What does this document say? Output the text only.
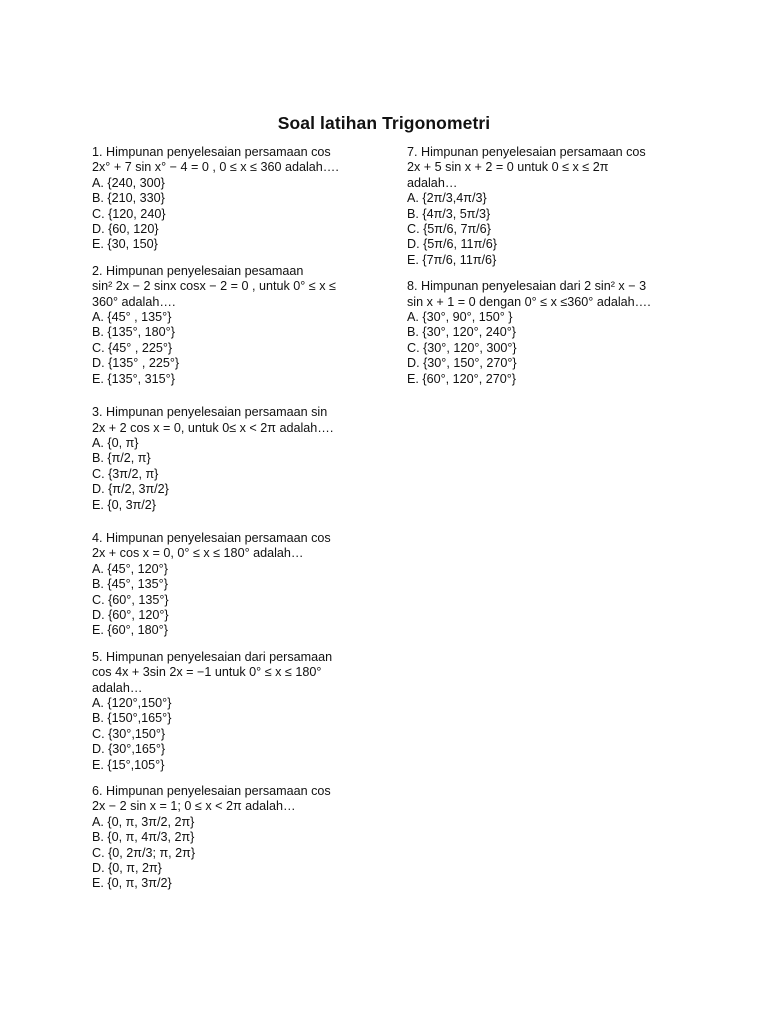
Soal latihan Trigonometri
1. Himpunan penyelesaian persamaan cos
2x° + 7 sin x° − 4 = 0 , 0 ≤ x ≤ 360 adalah….
A. {240, 300}
B. {210, 330}
C. {120, 240}
D. {60, 120}
E. {30, 150}
2. Himpunan penyelesaian pesamaan
sin² 2x − 2 sinx cosx − 2 = 0 , untuk 0° ≤ x ≤
360° adalah….
A. {45° , 135°}
B. {135°, 180°}
C. {45° , 225°}
D. {135° , 225°}
E. {135°, 315°}
3. Himpunan penyelesaian persamaan sin
2x + 2 cos x = 0, untuk 0≤ x < 2π adalah….
A. {0, π}
B. {π/2, π}
C. {3π/2, π}
D. {π/2, 3π/2}
E. {0, 3π/2}
4. Himpunan penyelesaian persamaan cos
2x + cos x = 0, 0° ≤ x ≤ 180° adalah…
A. {45°, 120°}
B. {45°, 135°}
C. {60°, 135°}
D. {60°, 120°}
E. {60°, 180°}
5. Himpunan penyelesaian dari persamaan
cos 4x + 3sin 2x = −1 untuk 0° ≤ x ≤ 180°
adalah…
A. {120°,150°}
B. {150°,165°}
C. {30°,150°}
D. {30°,165°}
E. {15°,105°}
6. Himpunan penyelesaian persamaan cos
2x − 2 sin x = 1; 0 ≤ x < 2π adalah…
A. {0, π, 3π/2, 2π}
B. {0, π, 4π/3, 2π}
C. {0, 2π/3; π, 2π}
D. {0, π, 2π}
E. {0, π, 3π/2}
7. Himpunan penyelesaian persamaan cos
2x + 5 sin x + 2 = 0 untuk 0 ≤ x ≤ 2π
adalah…
A. {2π/3,4π/3}
B. {4π/3, 5π/3}
C. {5π/6, 7π/6}
D. {5π/6, 11π/6}
E. {7π/6, 11π/6}
8. Himpunan penyelesaian dari 2 sin² x − 3
sin x + 1 = 0 dengan 0° ≤ x ≤360° adalah….
A. {30°, 90°, 150° }
B. {30°, 120°, 240°}
C. {30°, 120°, 300°}
D. {30°, 150°, 270°}
E. {60°, 120°, 270°}
